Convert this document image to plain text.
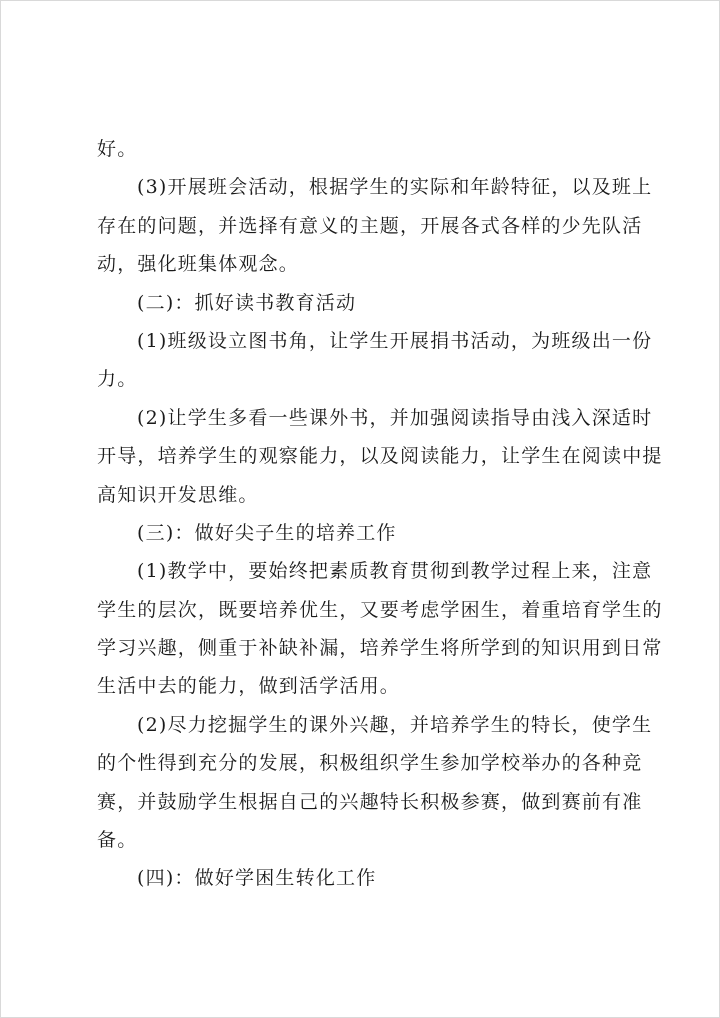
好。
(3)开展班会活动，根据学生的实际和年龄特征，以及班上
存在的问题，并选择有意义的主题，开展各式各样的少先队活
动，强化班集体观念。
(二)：抓好读书教育活动
(1)班级设立图书角，让学生开展捐书活动，为班级出一份
力。
(2)让学生多看一些课外书，并加强阅读指导由浅入深适时
开导，培养学生的观察能力，以及阅读能力，让学生在阅读中提
高知识开发思维。
(三)：做好尖子生的培养工作
(1)教学中，要始终把素质教育贯彻到教学过程上来，注意
学生的层次，既要培养优生，又要考虑学困生，着重培育学生的
学习兴趣，侧重于补缺补漏，培养学生将所学到的知识用到日常
生活中去的能力，做到活学活用。
(2)尽力挖掘学生的课外兴趣，并培养学生的特长，使学生
的个性得到充分的发展，积极组织学生参加学校举办的各种竞
赛，并鼓励学生根据自己的兴趣特长积极参赛，做到赛前有准
备。
(四)：做好学困生转化工作
